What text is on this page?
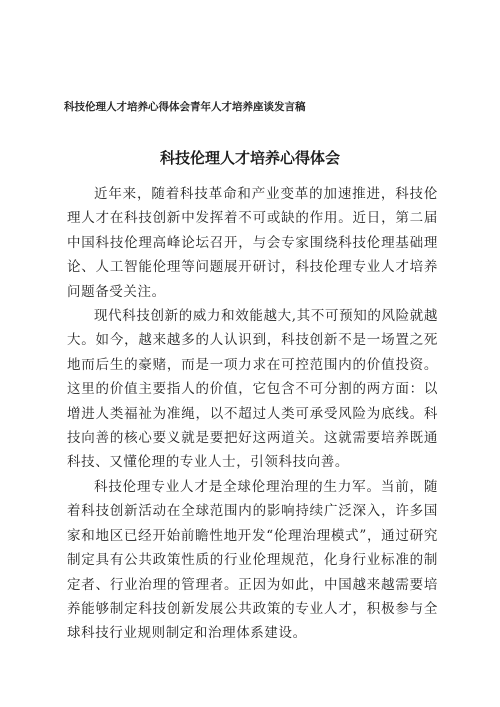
科技伦理人才培养心得体会青年人才培养座谈发言稿
科技伦理人才培养心得体会

近年来，随着科技革命和产业变革的加速推进，科技伦理人才在科技创新中发挥着不可或缺的作用。近日，第二届中国科技伦理高峰论坛召开，与会专家围绕科技伦理基础理论、人工智能伦理等问题展开研讨，科技伦理专业人才培养问题备受关注。

现代科技创新的威力和效能越大,其不可预知的风险就越大。如今，越来越多的人认识到，科技创新不是一场置之死地而后生的豪赌，而是一项力求在可控范围内的价值投资。这里的价值主要指人的价值，它包含不可分割的两方面：以增进人类福祉为准绳，以不超过人类可承受风险为底线。科技向善的核心要义就是要把好这两道关。这就需要培养既通科技、又懂伦理的专业人士，引领科技向善。

科技伦理专业人才是全球伦理治理的生力军。当前，随着科技创新活动在全球范围内的影响持续广泛深入，许多国家和地区已经开始前瞻性地开发“伦理治理模式”，通过研究制定具有公共政策性质的行业伦理规范，化身行业标准的制定者、行业治理的管理者。正因为如此，中国越来越需要培养能够制定科技创新发展公共政策的专业人才，积极参与全球科技行业规则制定和治理体系建设。
